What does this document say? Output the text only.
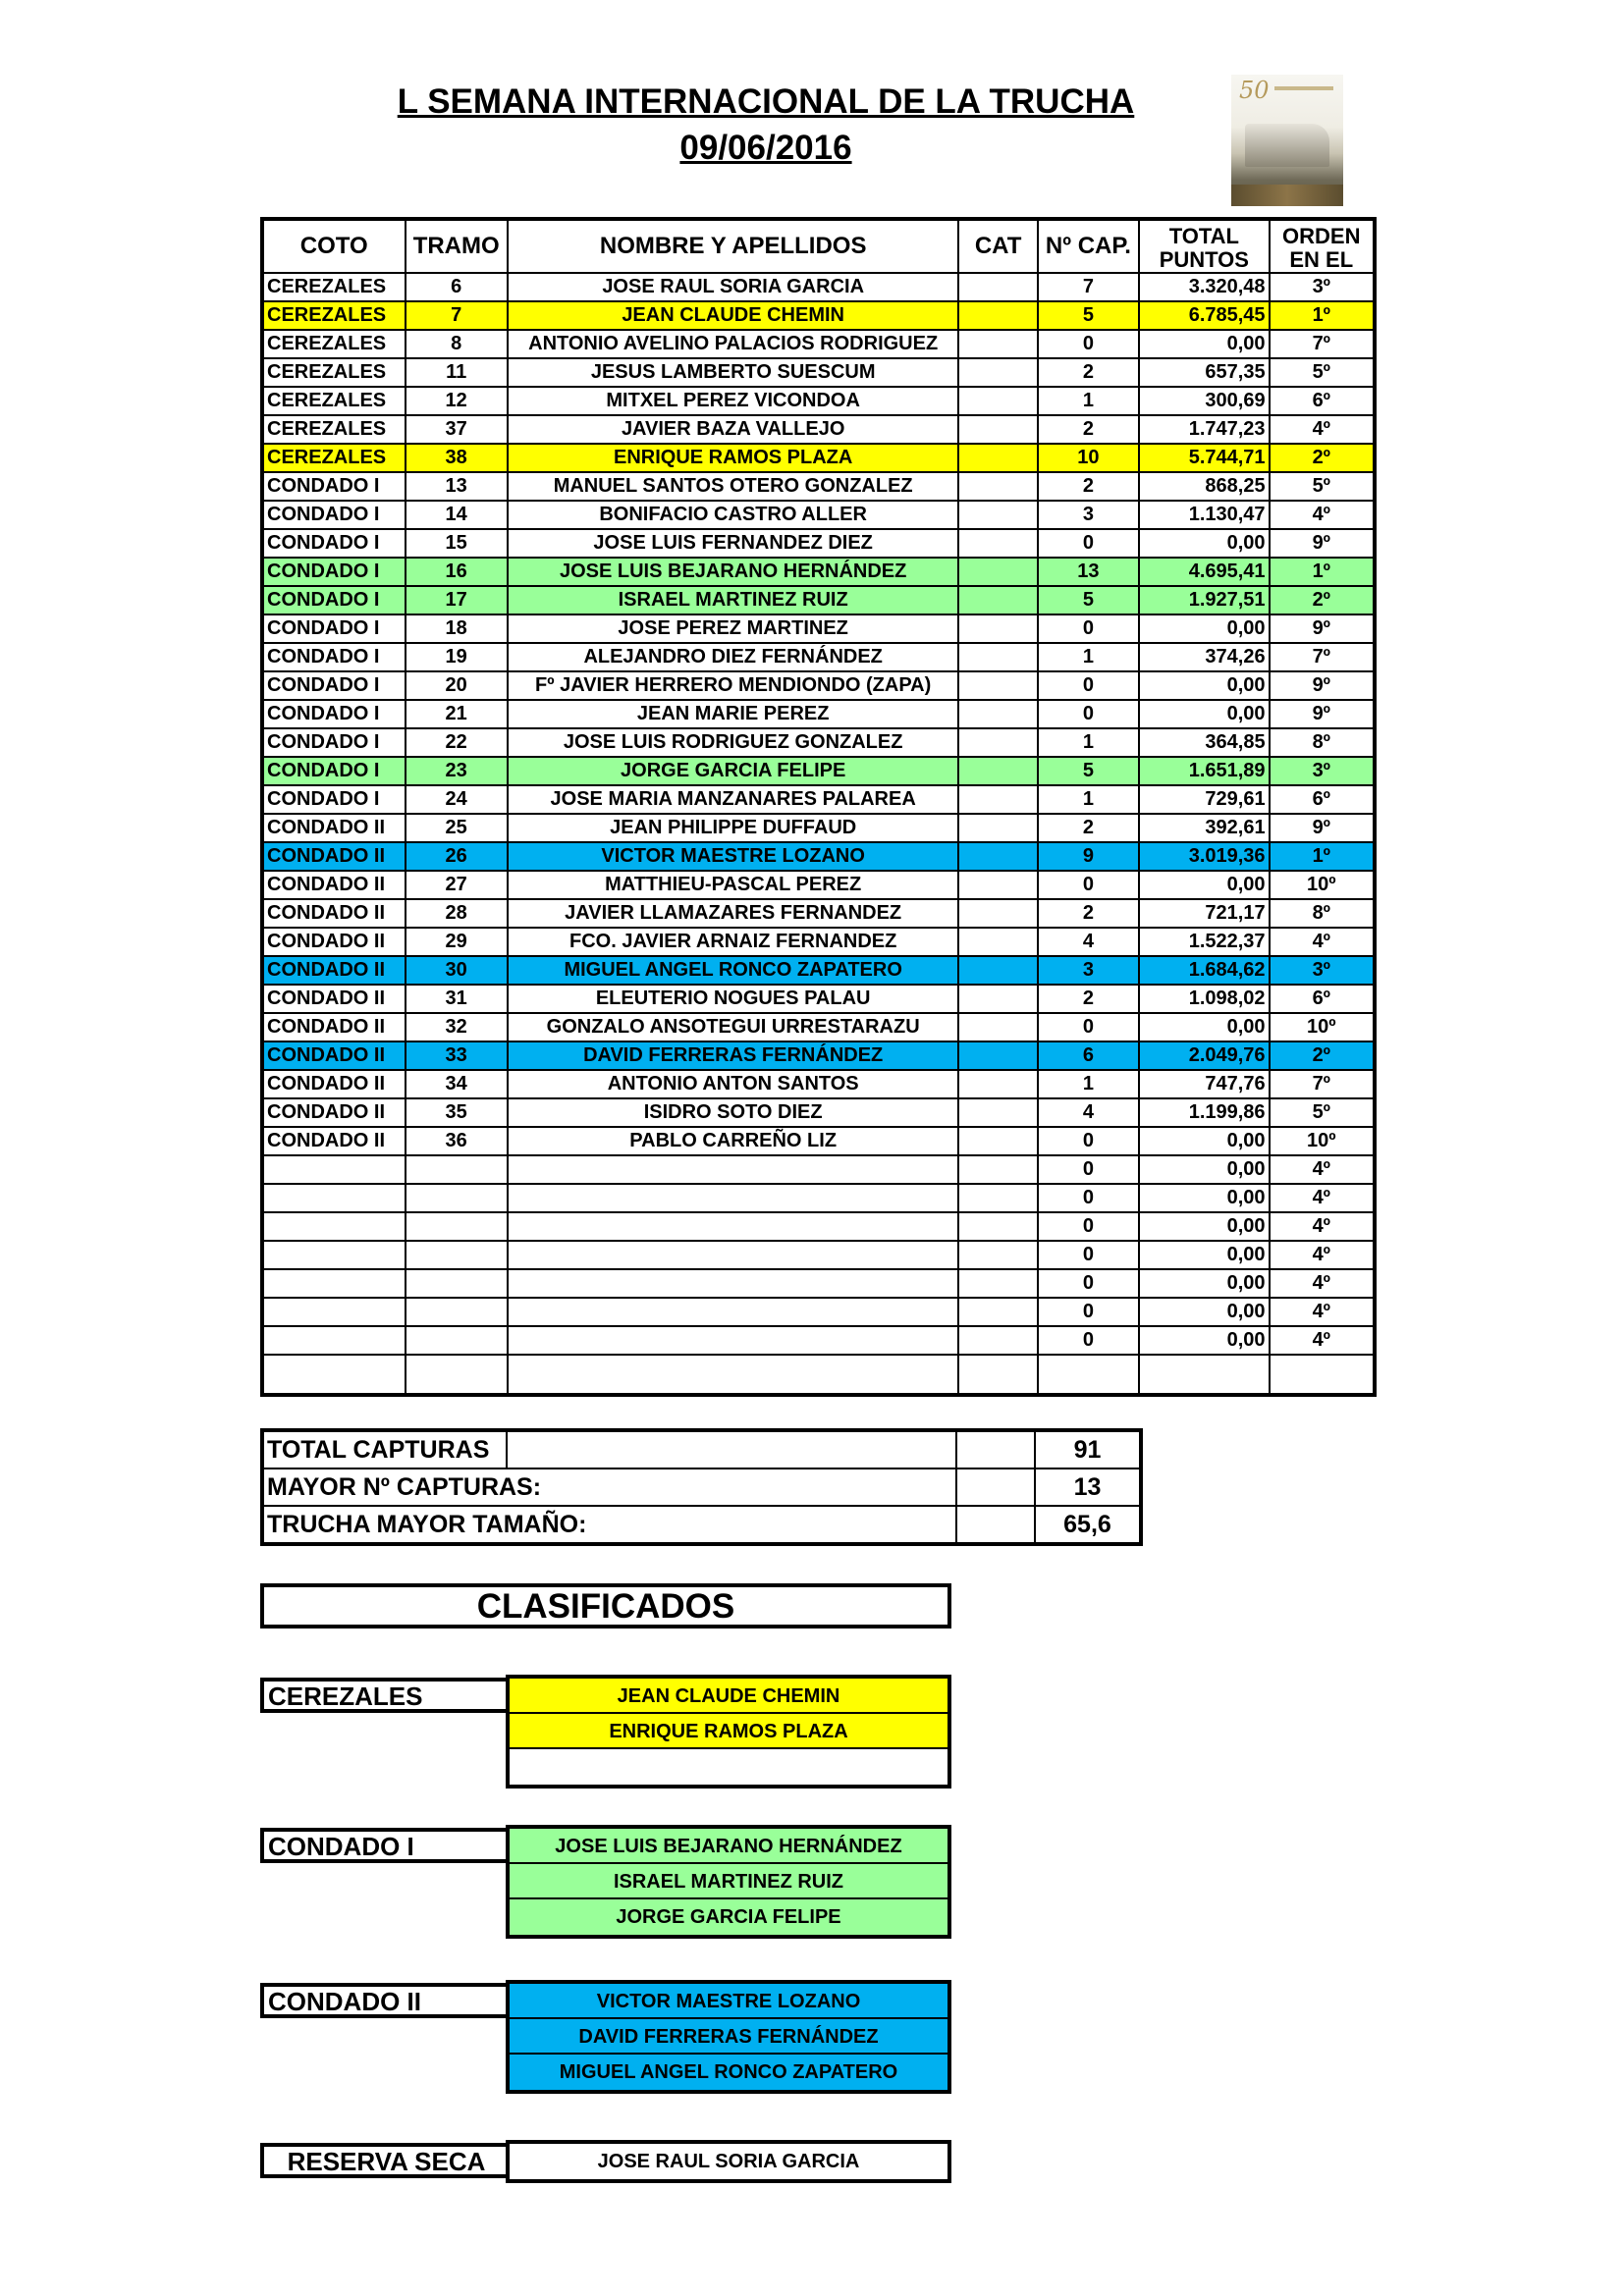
L SEMANA INTERNACIONAL DE LA TRUCHA
09/06/2016
50
COTO	TRAMO	NOMBRE Y APELLIDOS	CAT	Nº CAP.	TOTAL PUNTOS	ORDEN EN EL
CEREZALES	6	JOSE RAUL SORIA GARCIA		7	3.320,48	3º
CEREZALES	7	JEAN CLAUDE CHEMIN		5	6.785,45	1º
CEREZALES	8	ANTONIO AVELINO PALACIOS RODRIGUEZ		0	0,00	7º
CEREZALES	11	JESUS LAMBERTO SUESCUM		2	657,35	5º
CEREZALES	12	MITXEL PEREZ VICONDOA		1	300,69	6º
CEREZALES	37	JAVIER BAZA VALLEJO		2	1.747,23	4º
CEREZALES	38	ENRIQUE RAMOS PLAZA		10	5.744,71	2º
CONDADO I	13	MANUEL SANTOS OTERO GONZALEZ		2	868,25	5º
CONDADO I	14	BONIFACIO CASTRO ALLER		3	1.130,47	4º
CONDADO I	15	JOSE LUIS FERNANDEZ DIEZ		0	0,00	9º
CONDADO I	16	JOSE LUIS BEJARANO HERNÁNDEZ		13	4.695,41	1º
CONDADO I	17	ISRAEL MARTINEZ RUIZ		5	1.927,51	2º
CONDADO I	18	JOSE PEREZ MARTINEZ		0	0,00	9º
CONDADO I	19	ALEJANDRO DIEZ FERNÁNDEZ		1	374,26	7º
CONDADO I	20	Fº JAVIER HERRERO MENDIONDO (ZAPA)		0	0,00	9º
CONDADO I	21	JEAN MARIE PEREZ		0	0,00	9º
CONDADO I	22	JOSE LUIS RODRIGUEZ GONZALEZ		1	364,85	8º
CONDADO I	23	JORGE GARCIA FELIPE		5	1.651,89	3º
CONDADO I	24	JOSE MARIA MANZANARES PALAREA		1	729,61	6º
CONDADO II	25	JEAN PHILIPPE DUFFAUD		2	392,61	9º
CONDADO II	26	VICTOR MAESTRE LOZANO		9	3.019,36	1º
CONDADO II	27	MATTHIEU-PASCAL PEREZ		0	0,00	10º
CONDADO II	28	JAVIER LLAMAZARES FERNANDEZ		2	721,17	8º
CONDADO II	29	FCO. JAVIER ARNAIZ FERNANDEZ		4	1.522,37	4º
CONDADO II	30	MIGUEL ANGEL RONCO ZAPATERO		3	1.684,62	3º
CONDADO II	31	ELEUTERIO NOGUES PALAU		2	1.098,02	6º
CONDADO II	32	GONZALO ANSOTEGUI URRESTARAZU		0	0,00	10º
CONDADO II	33	DAVID FERRERAS FERNÁNDEZ		6	2.049,76	2º
CONDADO II	34	ANTONIO ANTON SANTOS		1	747,76	7º
CONDADO II	35	ISIDRO SOTO DIEZ		4	1.199,86	5º
CONDADO II	36	PABLO CARREÑO LIZ		0	0,00	10º
				0	0,00	4º
				0	0,00	4º
				0	0,00	4º
				0	0,00	4º
				0	0,00	4º
				0	0,00	4º
				0	0,00	4º

TOTAL CAPTURAS			91
MAYOR Nº CAPTURAS:			13
TRUCHA MAYOR TAMAÑO:			65,6
CLASIFICADOS
CEREZALES	JEAN CLAUDE CHEMIN
ENRIQUE RAMOS PLAZA
CONDADO I	JOSE LUIS BEJARANO HERNÁNDEZ
ISRAEL MARTINEZ RUIZ
JORGE GARCIA FELIPE
CONDADO II	VICTOR MAESTRE LOZANO
DAVID FERRERAS FERNÁNDEZ
MIGUEL ANGEL RONCO ZAPATERO
RESERVA SECA	JOSE RAUL SORIA GARCIA
